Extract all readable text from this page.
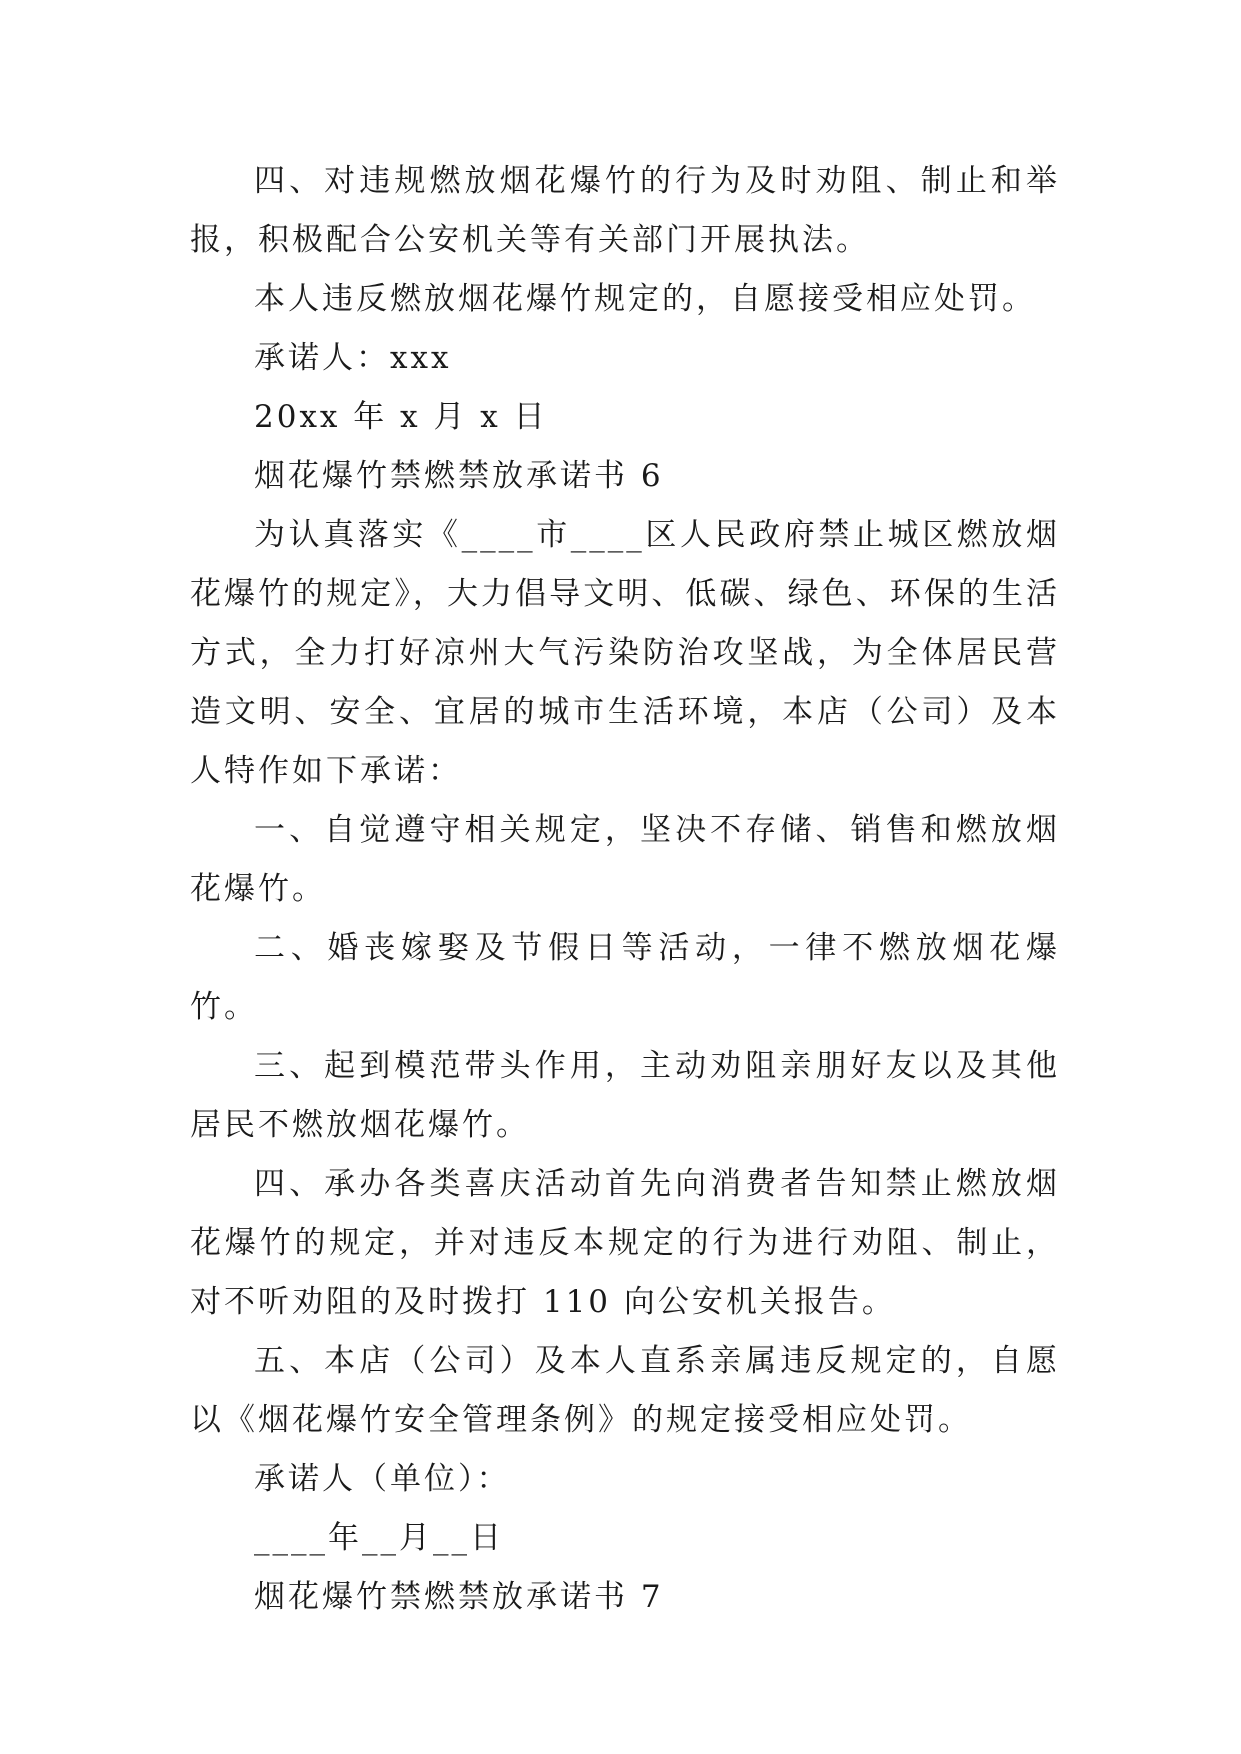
四、对违规燃放烟花爆竹的行为及时劝阻、制止和举报，积极配合公安机关等有关部门开展执法。

本人违反燃放烟花爆竹规定的，自愿接受相应处罚。

承诺人：xxx

20xx 年 x 月 x 日

烟花爆竹禁燃禁放承诺书 6

为认真落实《____市____区人民政府禁止城区燃放烟花爆竹的规定》，大力倡导文明、低碳、绿色、环保的生活方式，全力打好凉州大气污染防治攻坚战，为全体居民营造文明、安全、宜居的城市生活环境，本店（公司）及本人特作如下承诺：

一、自觉遵守相关规定，坚决不存储、销售和燃放烟花爆竹。

二、婚丧嫁娶及节假日等活动，一律不燃放烟花爆竹。

三、起到模范带头作用，主动劝阻亲朋好友以及其他居民不燃放烟花爆竹。

四、承办各类喜庆活动首先向消费者告知禁止燃放烟花爆竹的规定，并对违反本规定的行为进行劝阻、制止，对不听劝阻的及时拨打 110 向公安机关报告。

五、本店（公司）及本人直系亲属违反规定的，自愿以《烟花爆竹安全管理条例》的规定接受相应处罚。

承诺人（单位）：

____年__月__日

烟花爆竹禁燃禁放承诺书 7
